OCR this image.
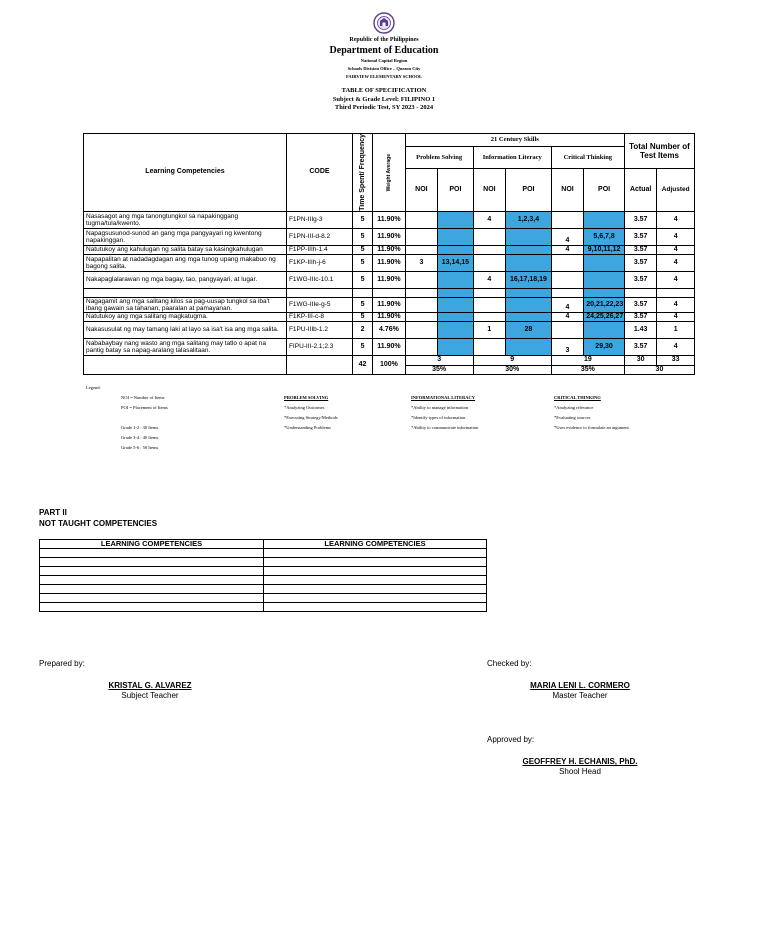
Republic of the Philippines
Department of Education
National Capital Region
Schools Division Office – Quezon City
FAIRVIEW ELEMENTARY SCHOOL
TABLE OF SPECIFICATION
Subject & Grade Level: FILIPINO 1
Third Periodic Test, SY 2023 - 2024
Learning Competencies	CODE	Time Spent/ Frequency	Weight Average	21 Century Skills						Total Number of Test Items	
				Problem Solving		Information Literacy		Critical Thinking			
				NOI	POI	NOI	POI	NOI	POI	Actual	Adjusted
Nasasagot ang mga tanongtungkol sa napakinggang tugma/tula/kwento.	F1PN-IIIg-3	5	11.90%			4	1,2,3,4			3.57	4
Napagsusunod-sunod an gang mga pangyayari ng kwentong napakinggan.	F1PN-III-d-8.2	5	11.90%					4	5,6,7,8	3.57	4
Natutukoy ang kahulugan ng salita batay sa kasingkahulugan	F1PP-IIIh-1.4	5	11.90%					4	9,10,11,12	3.57	4
Napapalitan at nadadagdagan ang mga tunog upang makabuo ng bagong salita.	F1KP-IIIh-j-6	5	11.90%	3	13,14,15					3.57	4
Nakapaglalarawan ng mga bagay, tao, pangyayari, at lugar.	F1WG-IIIc-10.1	5	11.90%			4	16,17,18,19			3.57	4

Nagagamit ang mga salitang kilos sa pag-uusap tungkol sa iba't ibang gawain sa tahanan, paaralan at pamayanan.	F1WG-IIIe-g-5	5	11.90%					4	20,21,22,23	3.57	4
Natutukoy ang mga salitang magkatugma.	F1KP-III-c-8	5	11.90%					4	24,25,26,27	3.57	4
Nakasusulat ng may tamang laki at layo sa isa't isa ang mga salita.	F1PU-IIIb-1.2	2	4.76%			1	28			1.43	1
Nababaybay nang wasto ang mga salitang may tatlo o apat na pantig batay sa napag-aralang talasalitaan.	FIPU-III-2.1;2.3	5	11.90%					3	29,30	3.57	4
		42	100%	3		9		19		30	33
				35%		30%		35%		30	
Legend:
NOI = Number of Items
POI = Placement of Items
Grade 1-2 : 30 Items
Grade 3-4 : 40 Items
Grade 5-6 : 50 Items
PROBLEM SOLVING
*Analyzing Outcomes
*Executing Strategy/Methods
*Understanding Problems
INFORMATIONAL LITERACY
*Ability to manage information
*Identify types of information
*Ability to communicate information
CRITICAL THINKING
*Analyzing relevance
*Evaluating sources
*Uses evidence to formulate an argument
PART II
NOT TAUGHT COMPETENCIES
LEARNING COMPETENCIES	LEARNING COMPETENCIES

Prepared by:
KRISTAL G. ALVAREZ
Subject Teacher
Checked by:
MARIA LENI L. CORMERO
Master Teacher
Approved by:
GEOFFREY H. ECHANIS, PhD.
Shool Head
